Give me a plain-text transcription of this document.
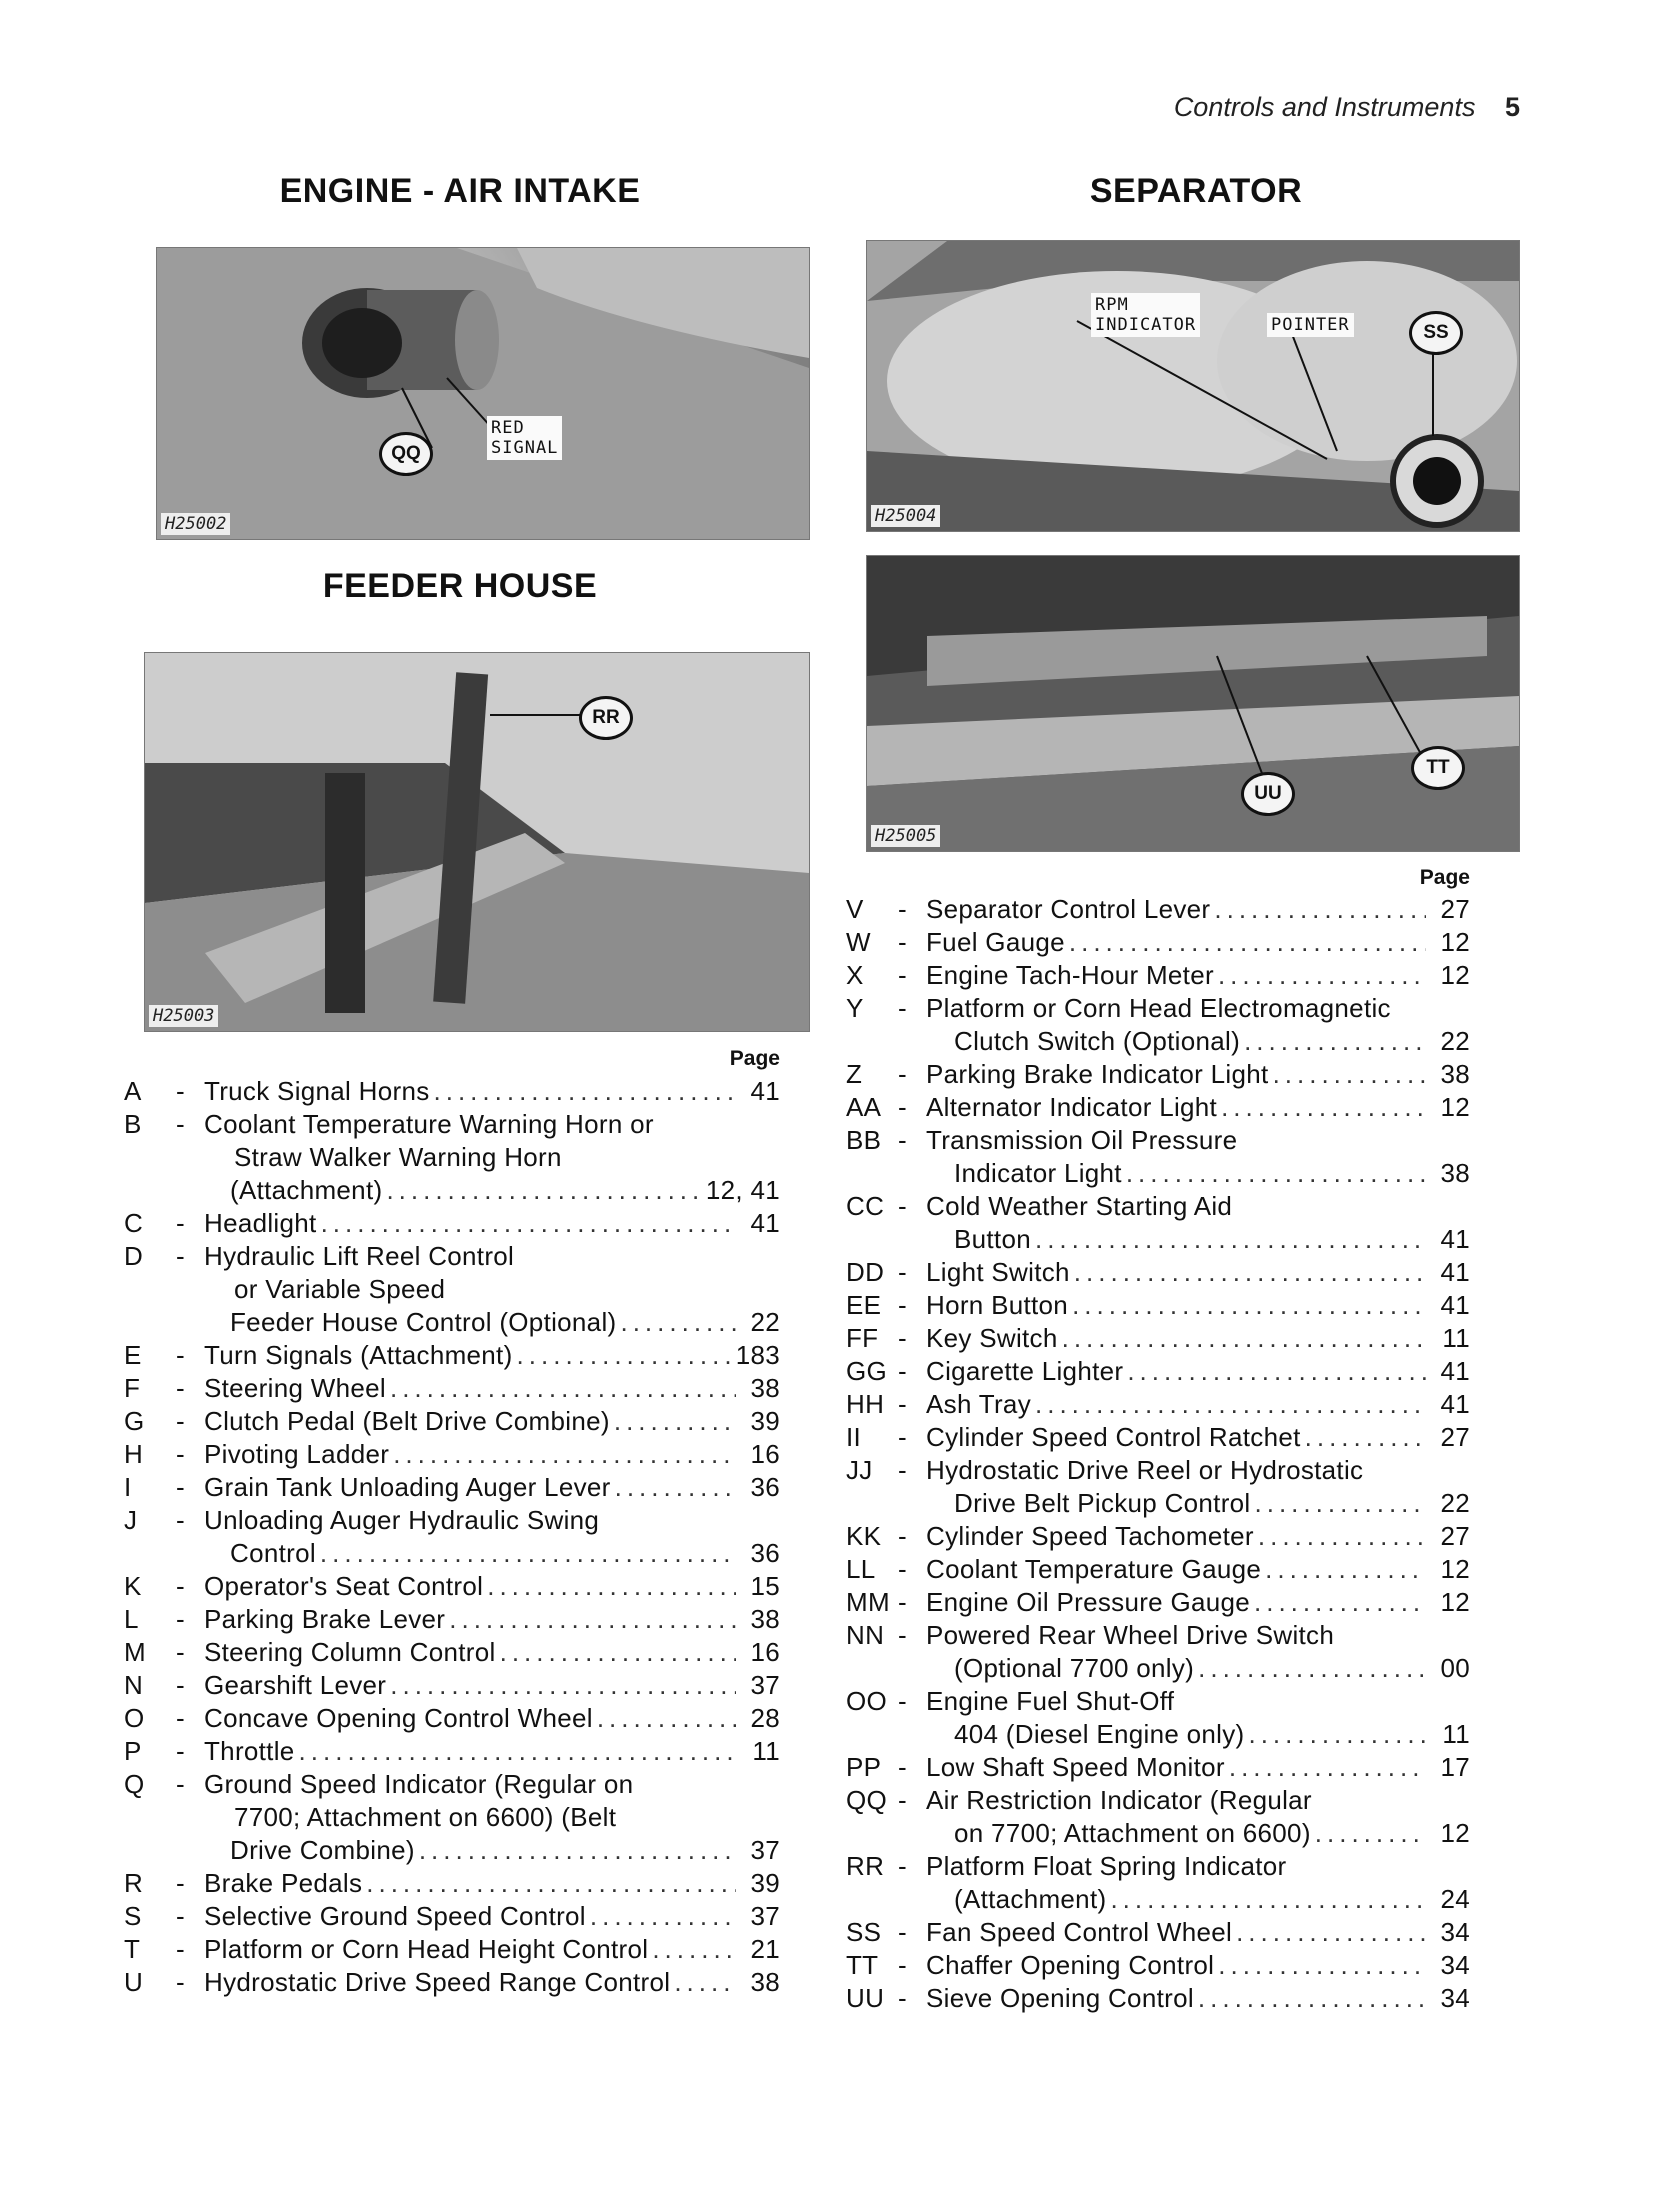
Controls and Instruments 5
ENGINE - AIR INTAKE	SEPARATOR
FEEDER HOUSE
QQ
RED
SIGNAL
H25002
RPM
INDICATOR	POINTER	SS
H25004
RR
H25003
UU
TT
H25005
Page
Page
A	- Truck Signal Horns .....	41
B	- Coolant Temperature Warning Horn or
Straw Walker Warning Horn
(Attachment) .....	12, 41
C	- Headlight .....	41
D	- Hydraulic Lift Reel Control
or Variable Speed
Feeder House Control (Optional) .....	22
E	- Turn Signals (Attachment) .....	183
F	- Steering Wheel .....	38
G	- Clutch Pedal (Belt Drive Combine) .....	39
H	- Pivoting Ladder .....	16
I	- Grain Tank Unloading Auger Lever .....	36
J	- Unloading Auger Hydraulic Swing
Control .....	36
K	- Operator's Seat Control .....	15
L	- Parking Brake Lever .....	38
M	- Steering Column Control .....	16
N	- Gearshift Lever .....	37
O	- Concave Opening Control Wheel .....	28
P	- Throttle .....	11
Q	- Ground Speed Indicator (Regular on
7700; Attachment on 6600) (Belt
Drive Combine) .....	37
R	- Brake Pedals .....	39
S	- Selective Ground Speed Control .....	37
T	- Platform or Corn Head Height Control .....	21
U	- Hydrostatic Drive Speed Range Control .....	38
V	- Separator Control Lever .....	27
W	- Fuel Gauge .....	12
X	- Engine Tach-Hour Meter .....	12
Y	- Platform or Corn Head Electromagnetic
Clutch Switch (Optional) .....	22
Z	- Parking Brake Indicator Light .....	38
AA - Alternator Indicator Light .....	12
BB - Transmission Oil Pressure
Indicator Light .....	38
CC - Cold Weather Starting Aid
Button .....	41
DD - Light Switch .....	41
EE - Horn Button .....	41
FF - Key Switch .....	11
GG - Cigarette Lighter .....	41
HH - Ash Tray .....	41
II	- Cylinder Speed Control Ratchet .....	27
JJ - Hydrostatic Drive Reel or Hydrostatic
Drive Belt Pickup Control .....	22
KK - Cylinder Speed Tachometer .....	27
LL - Coolant Temperature Gauge .....	12
MM - Engine Oil Pressure Gauge .....	12
NN - Powered Rear Wheel Drive Switch
(Optional 7700 only) .....	00
OO - Engine Fuel Shut-Off
404 (Diesel Engine only) .....	11
PP - Low Shaft Speed Monitor .....	17
QQ - Air Restriction Indicator (Regular
on 7700; Attachment on 6600) .....	12
RR - Platform Float Spring Indicator
(Attachment) .....	24
SS - Fan Speed Control Wheel .....	34
TT - Chaffer Opening Control .....	34
UU - Sieve Opening Control .....	34
